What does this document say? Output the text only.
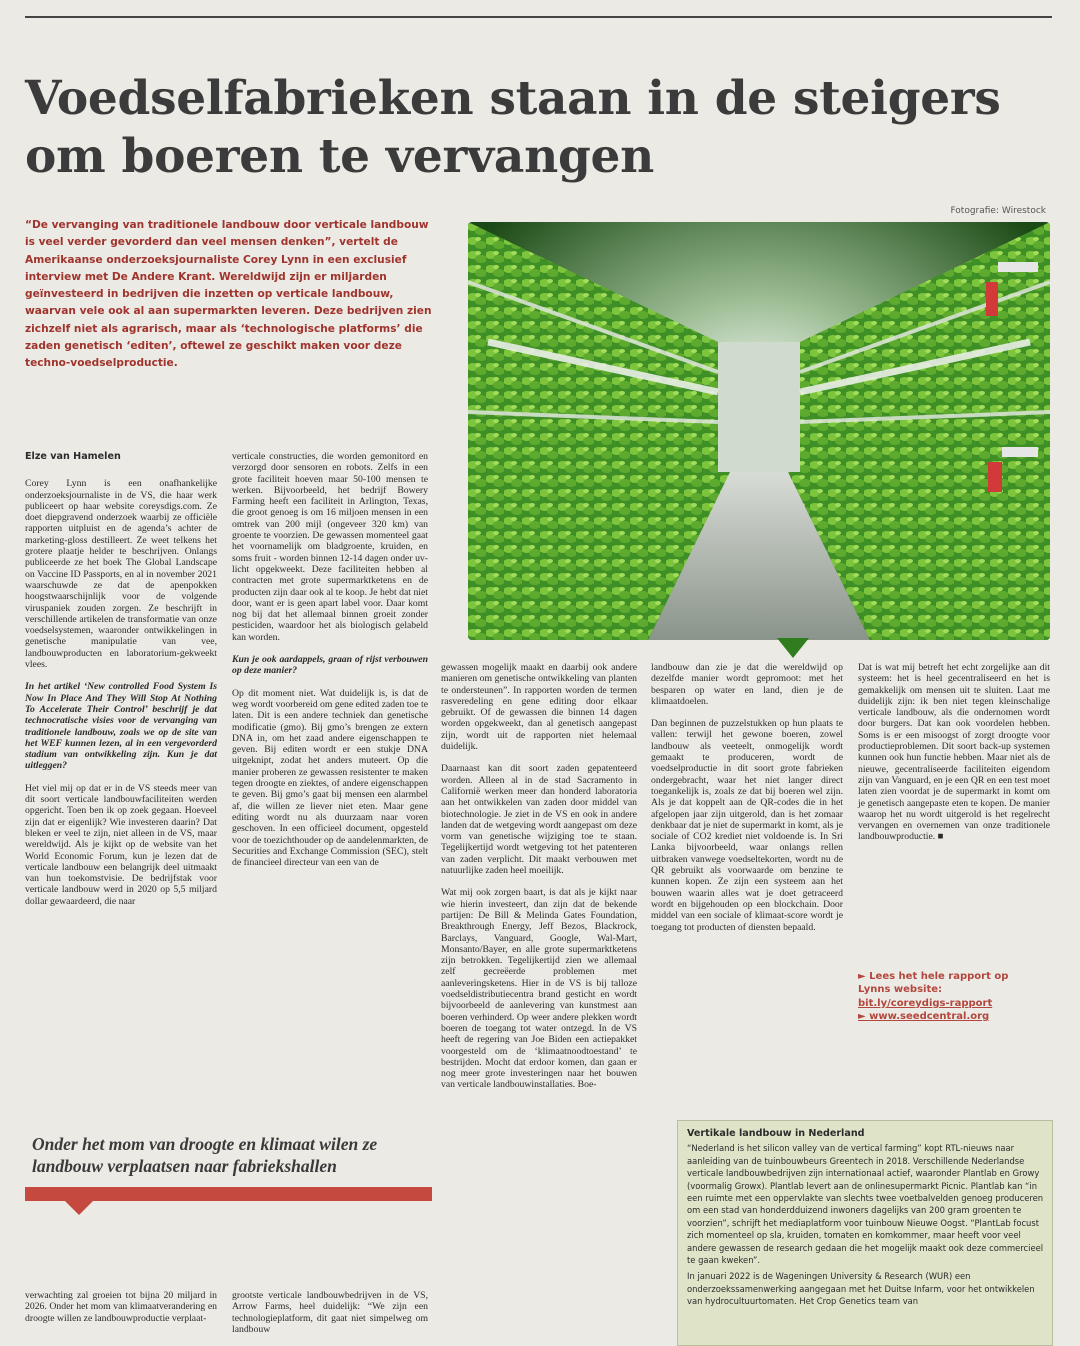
Voedselfabrieken staan in de steigers om boeren te vervangen
Fotografie: Wirestock

“De vervanging van traditionele landbouw door verticale landbouw is veel verder gevorderd dan veel mensen denken”, vertelt de Amerikaanse onderzoeksjournaliste Corey Lynn in een exclusief interview met De Andere Krant. Wereldwijd zijn er miljarden geïnvesteerd in bedrijven die inzetten op verticale landbouw, waarvan vele ook al aan supermarkten leveren. Deze bedrijven zien zichzelf niet als agrarisch, maar als ‘technologische platforms’ die zaden genetisch ‘editen’, oftewel ze geschikt maken voor deze techno-voedselproductie.

Elze van Hamelen

Corey Lynn is een onafhankelijke onderzoeksjournaliste in de VS, die haar werk publiceert op haar website coreysdigs.com. Ze doet diepgravend onderzoek waarbij ze officiële rapporten uitpluist en de agenda’s achter de marketing-gloss destilleert. Ze weet telkens het grotere plaatje helder te beschrijven. Onlangs publiceerde ze het boek The Global Landscape on Vaccine ID Passports, en al in november 2021 waarschuwde ze dat de apenpokken hoogstwaarschijnlijk voor de volgende viruspaniek zouden zorgen. Ze beschrijft in verschillende artikelen de transformatie van onze voedselsystemen, waaronder ontwikkelingen in genetische manipulatie van vee, landbouwproducten en laboratorium-gekweekt vlees.

In het artikel ‘New controlled Food System Is Now In Place And They Will Stop At Nothing To Accelerate Their Control’ beschrijf je dat technocratische visies voor de vervanging van traditionele landbouw, zoals we op de site van het WEF kunnen lezen, al in een vergevorderd stadium van ontwikkeling zijn. Kun je dat uitleggen?

Het viel mij op dat er in de VS steeds meer van dit soort verticale landbouwfaciliteiten werden opgericht. Toen ben ik op zoek gegaan. Hoeveel zijn dat er eigenlijk? Wie investeren daarin? Dat bleken er veel te zijn, niet alleen in de VS, maar wereldwijd. Als je kijkt op de website van het World Economic Forum, kun je lezen dat de verticale landbouw een belangrijk deel uitmaakt van hun toekomstvisie. De bedrijfstak voor verticale landbouw werd in 2020 op 5,5 miljard dollar gewaardeerd, die naar

verwachting zal groeien tot bijna 20 miljard in 2026. Onder het mom van klimaatverandering en droogte willen ze landbouwproductie verplaat-

verticale constructies, die worden gemonitord en verzorgd door sensoren en robots. Zelfs in een grote faciliteit hoeven maar 50-100 mensen te werken. Bijvoorbeeld, het bedrijf Bowery Farming heeft een faciliteit in Arlington, Texas, die groot genoeg is om 16 miljoen mensen in een omtrek van 200 mijl (ongeveer 320 km) van groente te voorzien. De gewassen momenteel gaat het voornamelijk om bladgroente, kruiden, en soms fruit - worden binnen 12-14 dagen onder uv-licht opgekweekt. Deze faciliteiten hebben al contracten met grote supermarktketens en de producten zijn daar ook al te koop. Je hebt dat niet door, want er is geen apart label voor. Daar komt nog bij dat het allemaal binnen groeit zonder pesticiden, waardoor het als biologisch gelabeld kan worden.

Kun je ook aardappels, graan of rijst verbouwen op deze manier?

Op dit moment niet. Wat duidelijk is, is dat de weg wordt voorbereid om gene edited zaden toe te laten. Dit is een andere techniek dan genetische modificatie (gmo). Bij gmo’s brengen ze extern DNA in, om het zaad andere eigenschappen te geven. Bij editen wordt er een stukje DNA uitgeknipt, zodat het anders muteert. Op die manier proberen ze gewassen resistenter te maken tegen droogte en ziektes, of andere eigenschappen te geven. Bij gmo’s gaat bij mensen een alarmbel af, die willen ze liever niet eten. Maar gene editing wordt nu als duurzaam naar voren geschoven. In een officieel document, opgesteld voor de toezichthouder op de aandelenmarkten, de Securities and Exchange Commission (SEC), stelt de financieel directeur van een van de

grootste verticale landbouwbedrijven in de VS, Arrow Farms, heel duidelijk: “We zijn een technologieplatform, dit gaat niet simpelweg om landbouw

gewassen mogelijk maakt en daarbij ook andere manieren om genetische ontwikkeling van planten te ondersteunen”. In rapporten worden de termen rasveredeling en gene editing door elkaar gebruikt. Of de gewassen die binnen 14 dagen worden opgekweekt, dan al genetisch aangepast zijn, wordt uit de rapporten niet helemaal duidelijk.

Daarnaast kan dit soort zaden gepatenteerd worden. Alleen al in de stad Sacramento in Californië werken meer dan honderd laboratoria aan het ontwikkelen van zaden door middel van biotechnologie. Je ziet in de VS en ook in andere landen dat de wetgeving wordt aangepast om deze vorm van genetische wijziging toe te staan. Tegelijkertijd wordt wetgeving tot het patenteren van zaden verplicht. Dit maakt verbouwen met natuurlijke zaden heel moeilijk.

Wat mij ook zorgen baart, is dat als je kijkt naar wie hierin investeert, dan zijn dat de bekende partijen: De Bill & Melinda Gates Foundation, Breakthrough Energy, Jeff Bezos, Blackrock, Barclays, Vanguard, Google, Wal-Mart, Monsanto/Bayer, en alle grote supermarktketens zijn betrokken. Tegelijkertijd zien we allemaal zelf gecreëerde problemen met aanleveringsketens. Hier in de VS is bij talloze voedseldistributiecentra brand gesticht en wordt bijvoorbeeld de aanlevering van kunstmest aan boeren verhinderd. Op weer andere plekken wordt boeren de toegang tot water ontzegd. In de VS heeft de regering van Joe Biden een actiepakket voorgesteld om de ‘klimaatnoodtoestand’ te bestrijden. Mocht dat erdoor komen, dan gaan er nog meer grote investeringen naar het bouwen van verticale landbouwinstallaties. Boe-

landbouw dan zie je dat die wereldwijd op dezelfde manier wordt gepromoot: met het besparen op water en land, dien je de klimaatdoelen.

Dan beginnen de puzzelstukken op hun plaats te vallen: terwijl het gewone boeren, zowel landbouw als veeteelt, onmogelijk wordt gemaakt te produceren, wordt de voedselproductie in dit soort grote fabrieken ondergebracht, waar het niet langer direct toegankelijk is, zoals ze dat bij boeren wel zijn. Als je dat koppelt aan de QR-codes die in het afgelopen jaar zijn uitgerold, dan is het zomaar denkbaar dat je niet de supermarkt in komt, als je sociale of CO2 krediet niet voldoende is. In Sri Lanka bijvoorbeeld, waar onlangs rellen uitbraken vanwege voedseltekorten, wordt nu de QR gebruikt als voorwaarde om benzine te kunnen kopen. Ze zijn een systeem aan het bouwen waarin alles wat je doet getraceerd wordt en bijgehouden op een blockchain. Door middel van een sociale of klimaat-score wordt je toegang tot producten of diensten bepaald.

Dat is wat mij betreft het echt zorgelijke aan dit systeem: het is heel gecentraliseerd en het is gemakkelijk om mensen uit te sluiten. Laat me duidelijk zijn: ik ben niet tegen kleinschalige verticale landbouw, als die ondernomen wordt door burgers. Dat kan ook voordelen hebben. Soms is er een misoogst of zorgt droogte voor productieproblemen. Dit soort back-up systemen kunnen ook hun functie hebben. Maar niet als de nieuwe, gecentraliseerde faciliteiten eigendom zijn van Vanguard, en je een QR en een test moet laten zien voordat je de supermarkt in komt om je genetisch aangepaste eten te kopen. De manier waarop het nu wordt uitgerold is het regelrecht vervangen en overnemen van onze traditionele landbouwproductie. ■

► Lees het hele rapport op Lynns website:
bit.ly/coreydigs-rapport
► www.seedcentral.org
Onder het mom van droogte en klimaat wilen ze landbouw verplaatsen naar fabriekshallen
Vertikale landbouw in Nederland

“Nederland is het silicon valley van de vertical farming” kopt RTL-nieuws naar aanleiding van de tuinbouwbeurs Greentech in 2018. Verschillende Nederlandse verticale landbouwbedrijven zijn internationaal actief, waaronder Plantlab en Growy (voormalig Growx). Plantlab levert aan de onlinesupermarkt Picnic. Plantlab kan “in een ruimte met een oppervlakte van slechts twee voetbalvelden genoeg produceren om een stad van honderdduizend inwoners dagelijks van 200 gram groenten te voorzien”, schrijft het mediaplatform voor tuinbouw Nieuwe Oogst. “PlantLab focust zich momenteel op sla, kruiden, tomaten en komkommer, maar heeft voor veel andere gewassen de research gedaan die het mogelijk maakt ook deze commercieel te gaan kweken”.

In januari 2022 is de Wageningen University & Research (WUR) een onderzoekssamenwerking aangegaan met het Duitse Infarm, voor het ontwikkelen van hydrocultuurtomaten. Het Crop Genetics team van
